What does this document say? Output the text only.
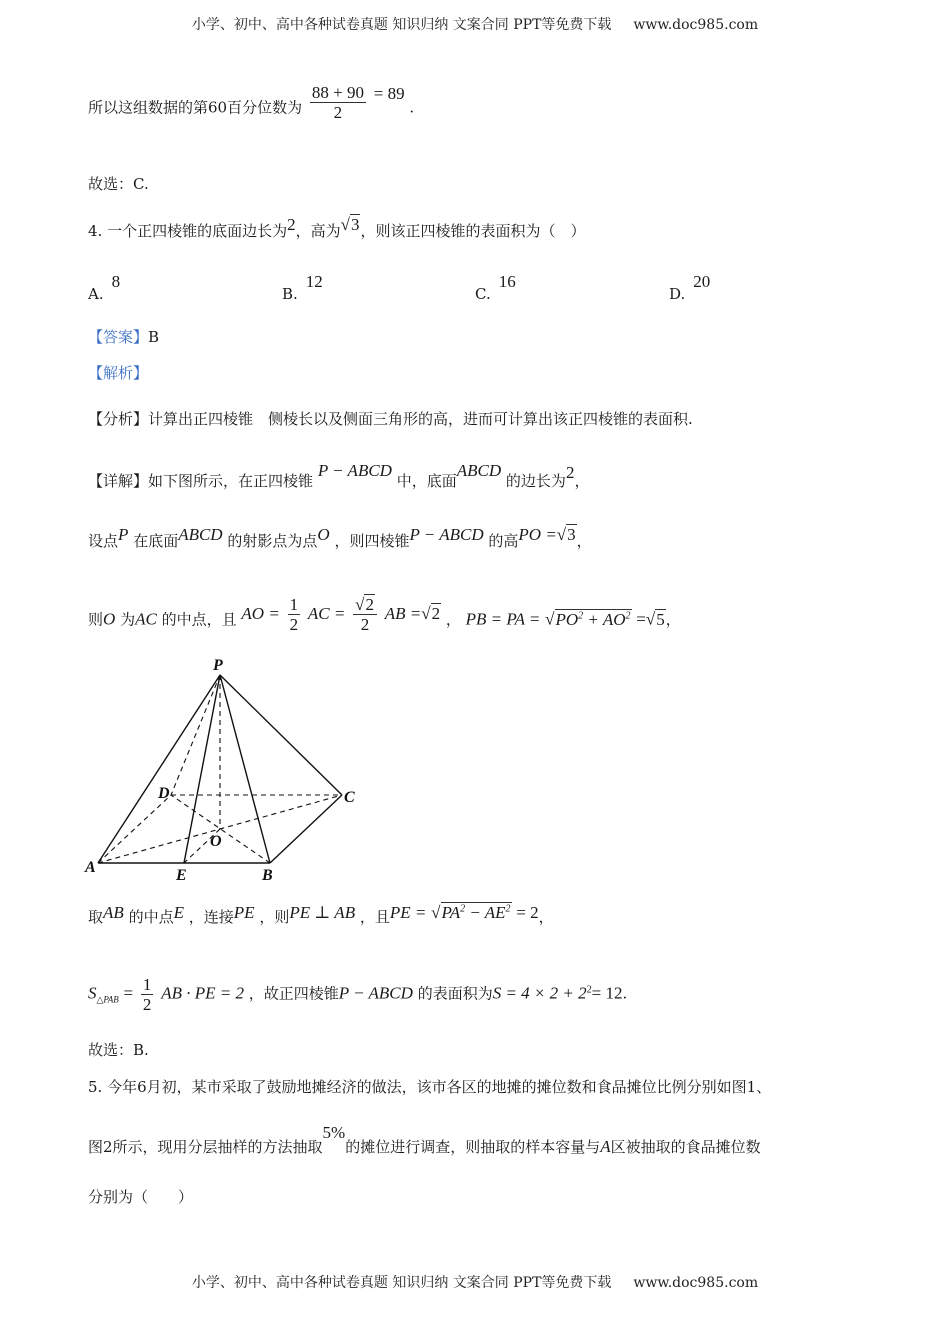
小学、初中、高中各种试卷真题 知识归纳 文案合同 PPT等免费下载 www.doc985.com
所以这组数据的第60百分位数为 $\frac{88 + 90}{2} = 89$ .
故选：C.
4. 一个正四棱锥的底面边长为2，高为√3，则该正四棱锥的表面积为（　）
A.8
B.12
C.16
D.20
【答案】B
【解析】
【分析】计算出正四棱锥　侧棱长以及侧面三角形的高，进而可计算出该正四棱锥的表面积.
【详解】如下图所示，在正四棱锥 P − ABCD 中，底面ABCD 的边长为2，
设点P 在底面ABCD 的射影点为点O ，则四棱锥P − ABCD 的高PO =√3，
则O 为AC 的中点，且 AO = $\frac{1}{2}$ AC = $\frac{√2}{2}$ AB =√2 ， PB = PA = $√PO^2 + AO^2 =√5$，
P
D	C
O
A	E	B
取AB 的中点E ，连接PE ，则PE ⊥ AB ，且PE = $√PA^2 - AE^2 = 2$，
$S_{\triangle PAB} = \frac{1}{2}$ AB · PE = 2 ，故正四棱锥P − ABCD 的表面积为$S = 4 \times 2 + 2^2= 12$.
故选：B.
5. 今年6月初，某市采取了鼓励地摊经济的做法，该市各区的地摊的摊位数和食品摊位比例分别如图1、
图2所示，现用分层抽样的方法抽取5%的摊位进行调查，则抽取的样本容量与A区被抽取的食品摊位数
分别为（　　）
小学、初中、高中各种试卷真题 知识归纳 文案合同 PPT等免费下载 www.doc985.com
